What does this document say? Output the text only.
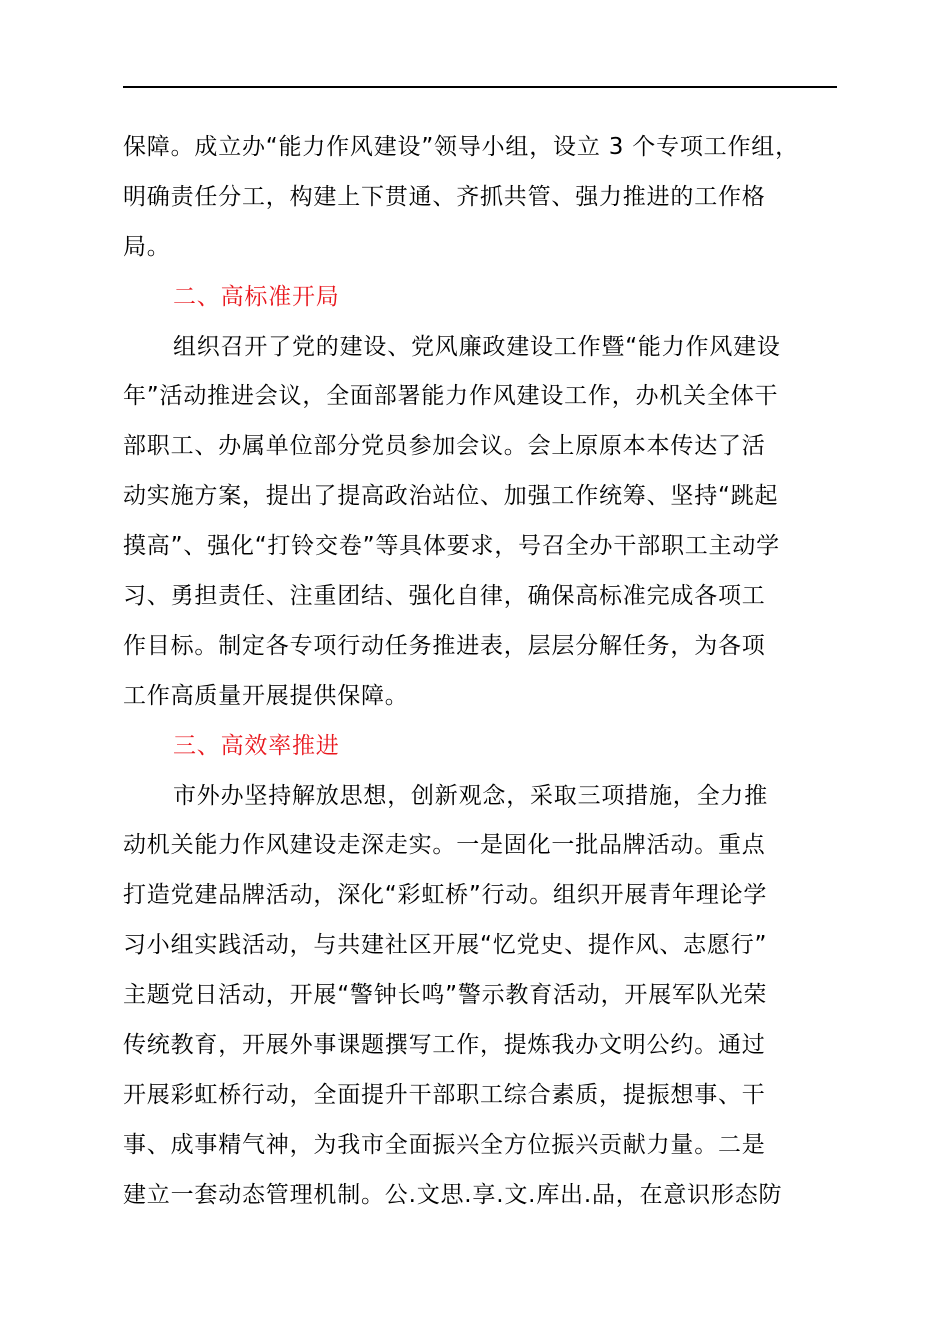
保障。成立办“能力作风建设”领导小组，设立 3 个专项工作组，
明确责任分工，构建上下贯通、齐抓共管、强力推进的工作格
局。
二、高标准开局
组织召开了党的建设、党风廉政建设工作暨“能力作风建设
年”活动推进会议，全面部署能力作风建设工作，办机关全体干
部职工、办属单位部分党员参加会议。会上原原本本传达了活
动实施方案，提出了提高政治站位、加强工作统筹、坚持“跳起
摸高”、强化“打铃交卷”等具体要求，号召全办干部职工主动学
习、勇担责任、注重团结、强化自律，确保高标准完成各项工
作目标。制定各专项行动任务推进表，层层分解任务，为各项
工作高质量开展提供保障。
三、高效率推进
市外办坚持解放思想，创新观念，采取三项措施，全力推
动机关能力作风建设走深走实。一是固化一批品牌活动。重点
打造党建品牌活动，深化“彩虹桥”行动。组织开展青年理论学
习小组实践活动，与共建社区开展“忆党史、提作风、志愿行”
主题党日活动，开展“警钟长鸣”警示教育活动，开展军队光荣
传统教育，开展外事课题撰写工作，提炼我办文明公约。通过
开展彩虹桥行动，全面提升干部职工综合素质，提振想事、干
事、成事精气神，为我市全面振兴全方位振兴贡献力量。二是
建立一套动态管理机制。公.文思.享.文.库出.品，在意识形态防
